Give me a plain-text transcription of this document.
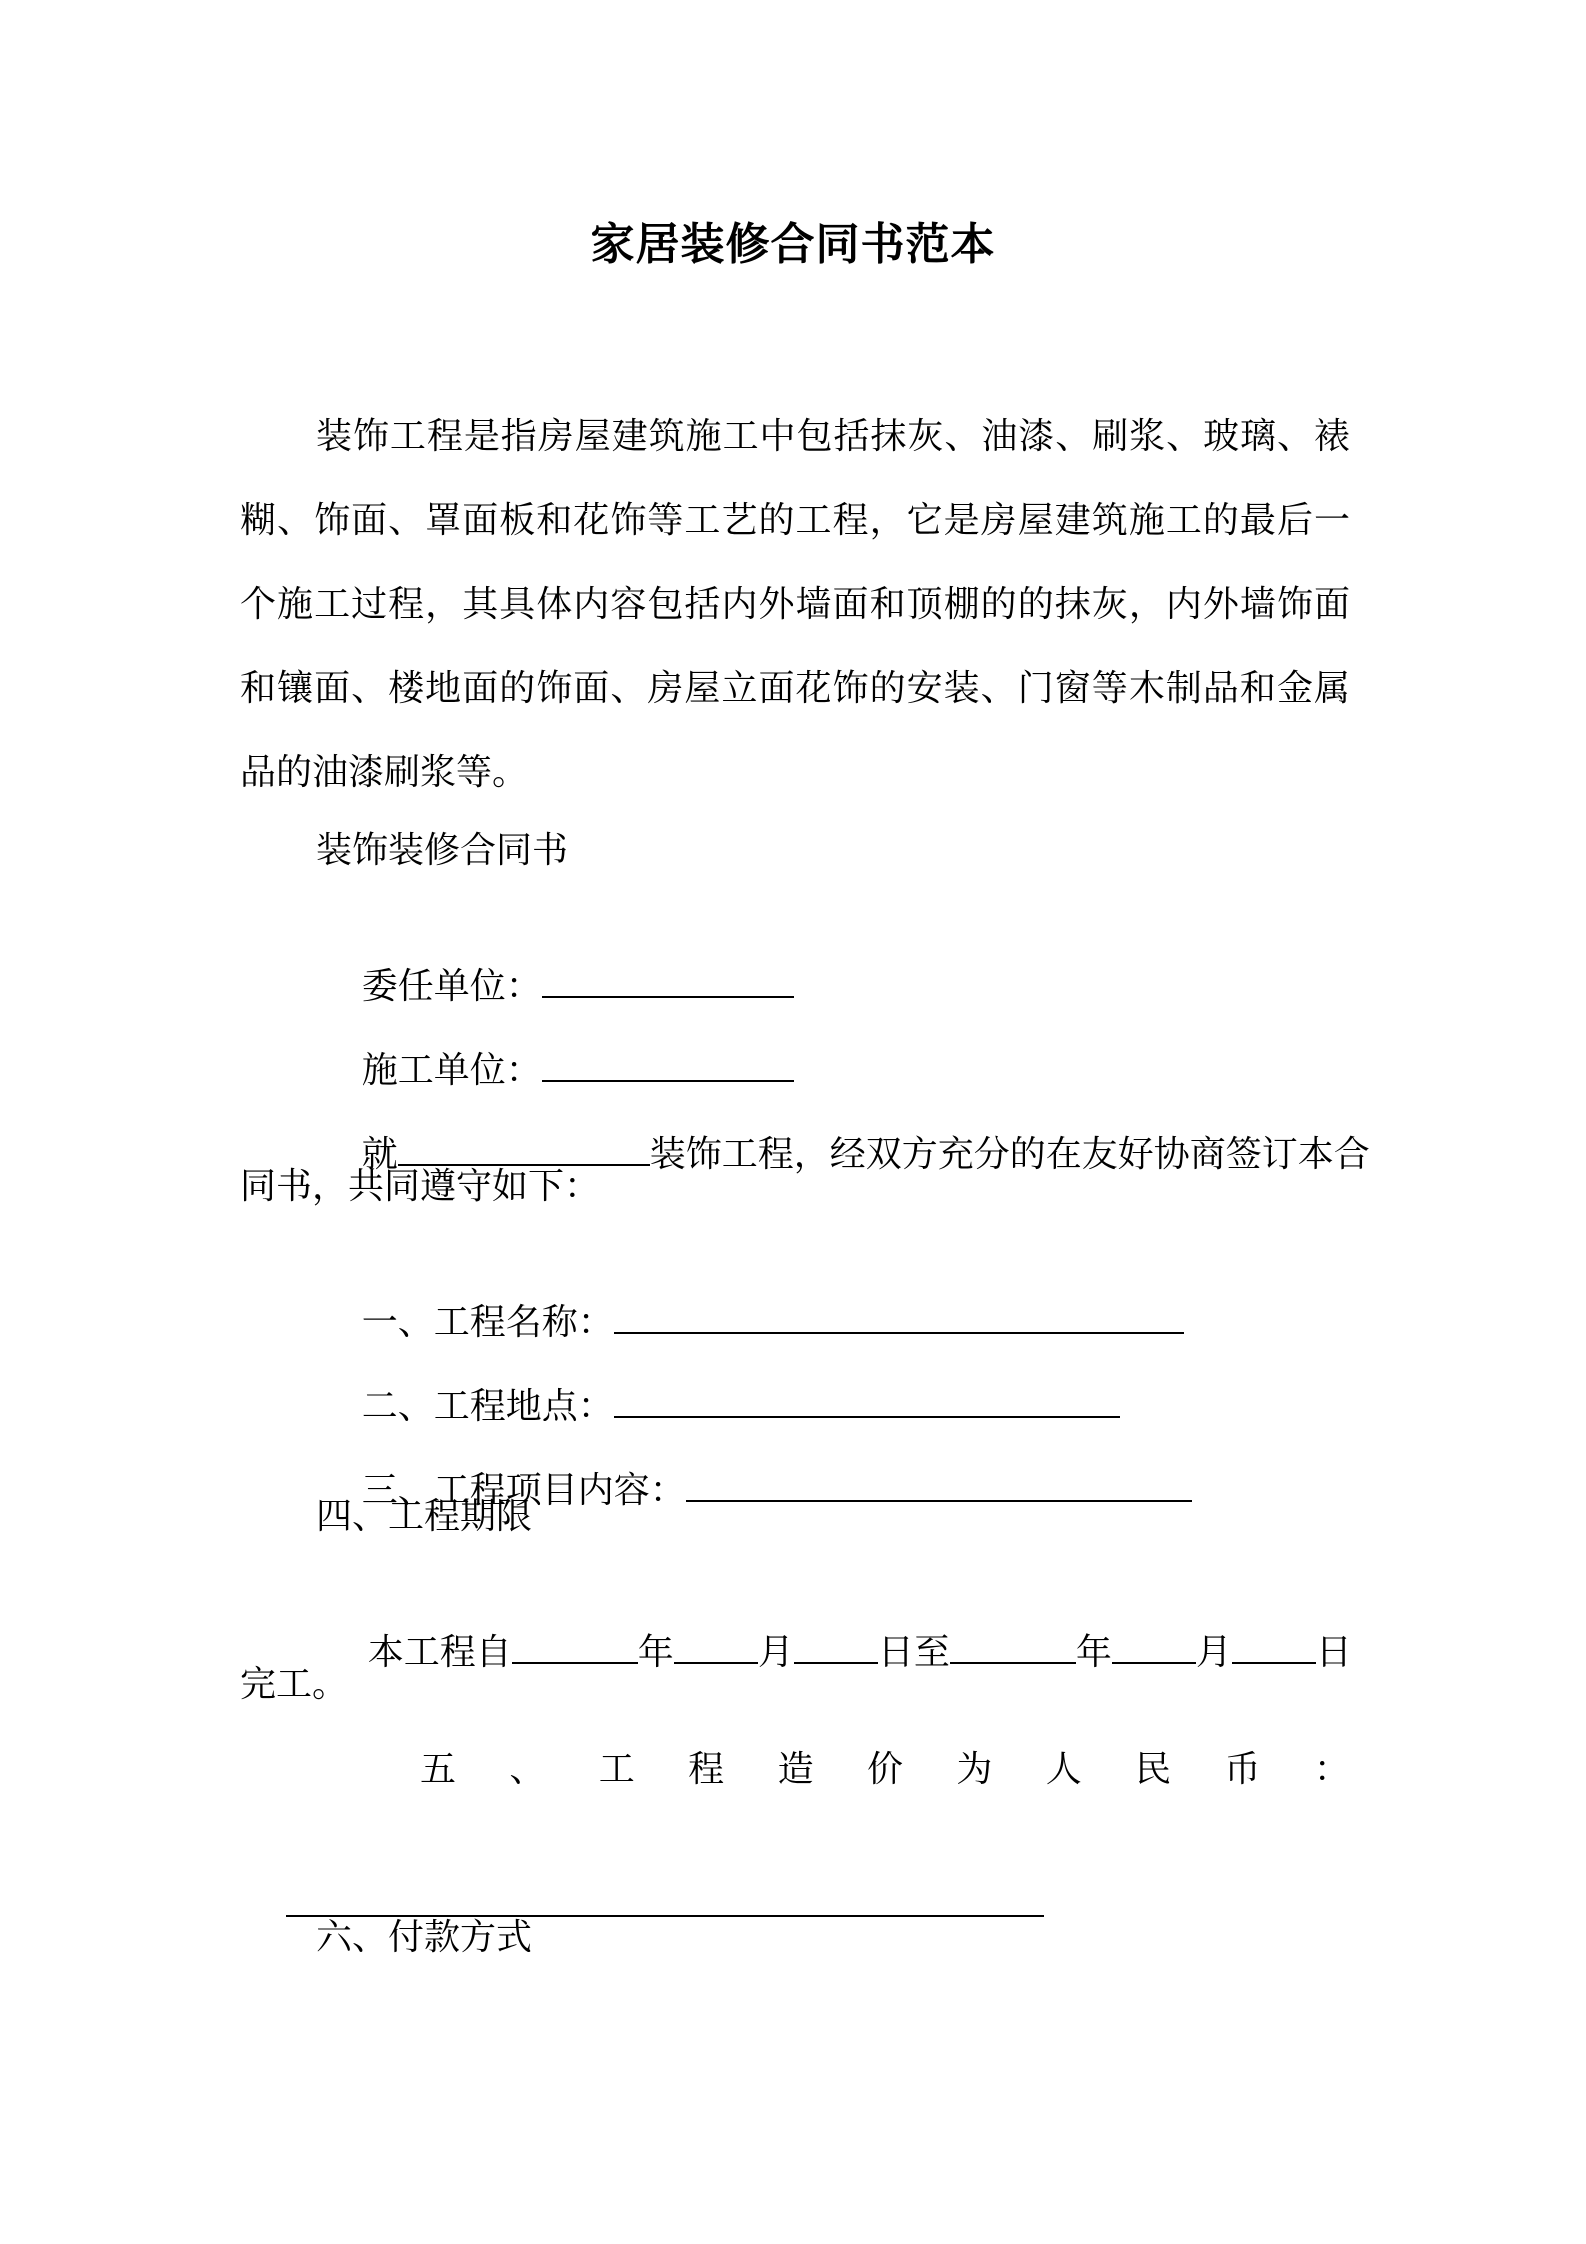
家居装修合同书范本

装饰工程是指房屋建筑施工中包括抹灰、油漆、刷浆、玻璃、裱糊、饰面、罩面板和花饰等工艺的工程，它是房屋建筑施工的最后一个施工过程，其具体内容包括内外墙面和顶棚的的抹灰，内外墙饰面和镶面、楼地面的饰面、房屋立面花饰的安装、门窗等木制品和金属品的油漆刷浆等。

装饰装修合同书

委任单位：

施工单位：

就	装饰工程，经双方充分的在友好协商签订本合

同书，共同遵守如下：

一、工程名称：

二、工程地点：

三、工程项目内容：

四、工程期限

本工程自	年 月 日至	年 月 日

完工。
五 、 工 程 造 价 为 人 民 币 ：

六、付款方式
